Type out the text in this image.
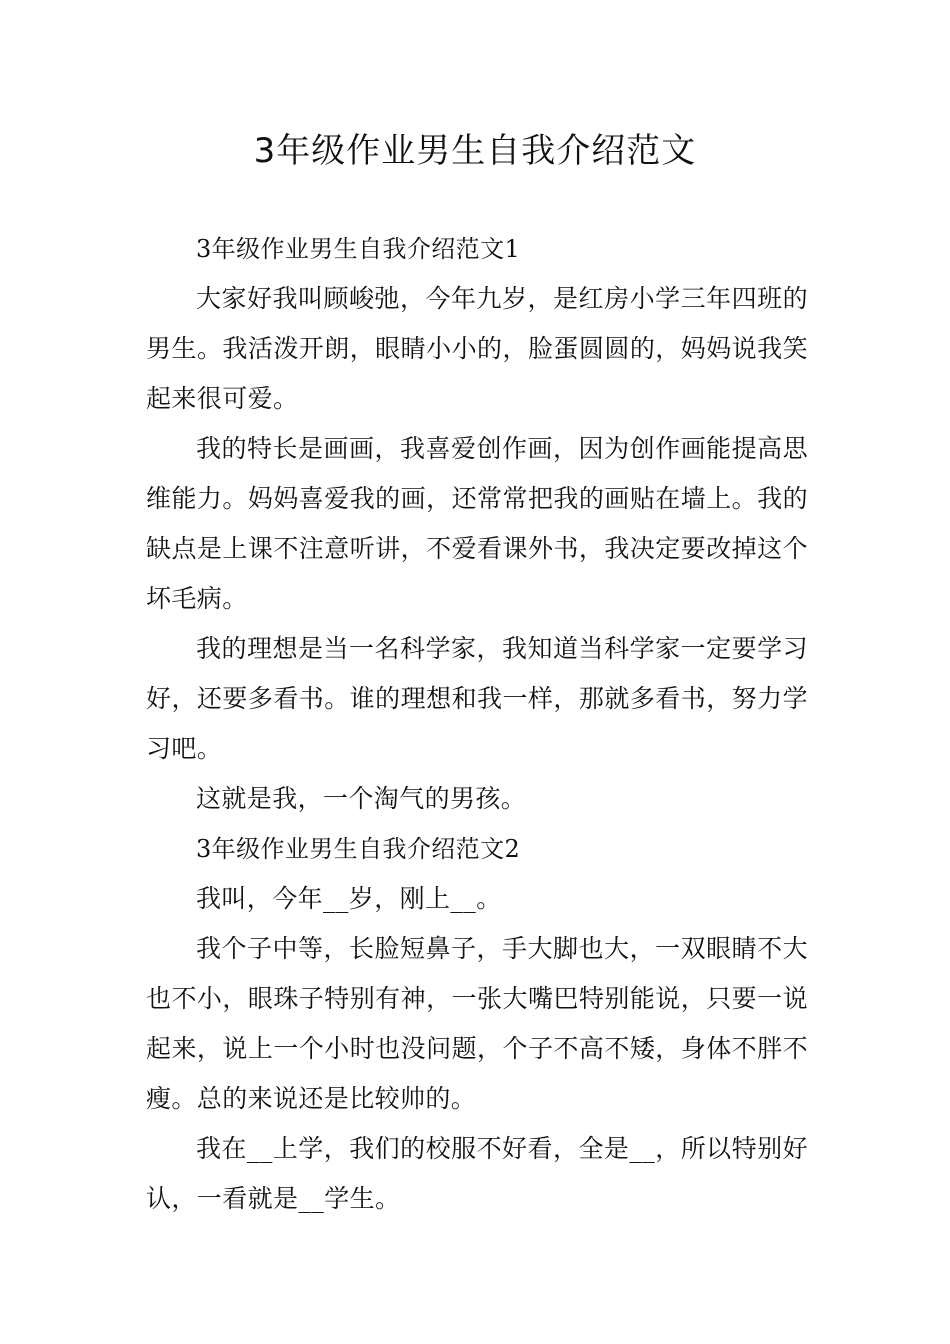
3年级作业男生自我介绍范文

3年级作业男生自我介绍范文1

大家好我叫顾峻弛，今年九岁，是红房小学三年四班的男生。我活泼开朗，眼睛小小的，脸蛋圆圆的，妈妈说我笑起来很可爱。

我的特长是画画，我喜爱创作画，因为创作画能提高思维能力。妈妈喜爱我的画，还常常把我的画贴在墙上。我的缺点是上课不注意听讲，不爱看课外书，我决定要改掉这个坏毛病。

我的理想是当一名科学家，我知道当科学家一定要学习好，还要多看书。谁的理想和我一样，那就多看书，努力学习吧。

这就是我，一个淘气的男孩。

3年级作业男生自我介绍范文2

我叫，今年__岁，刚上__。

我个子中等，长脸短鼻子，手大脚也大，一双眼睛不大也不小，眼珠子特别有神，一张大嘴巴特别能说，只要一说起来，说上一个小时也没问题，个子不高不矮，身体不胖不瘦。总的来说还是比较帅的。

我在__上学，我们的校服不好看，全是__，所以特别好认，一看就是__学生。
